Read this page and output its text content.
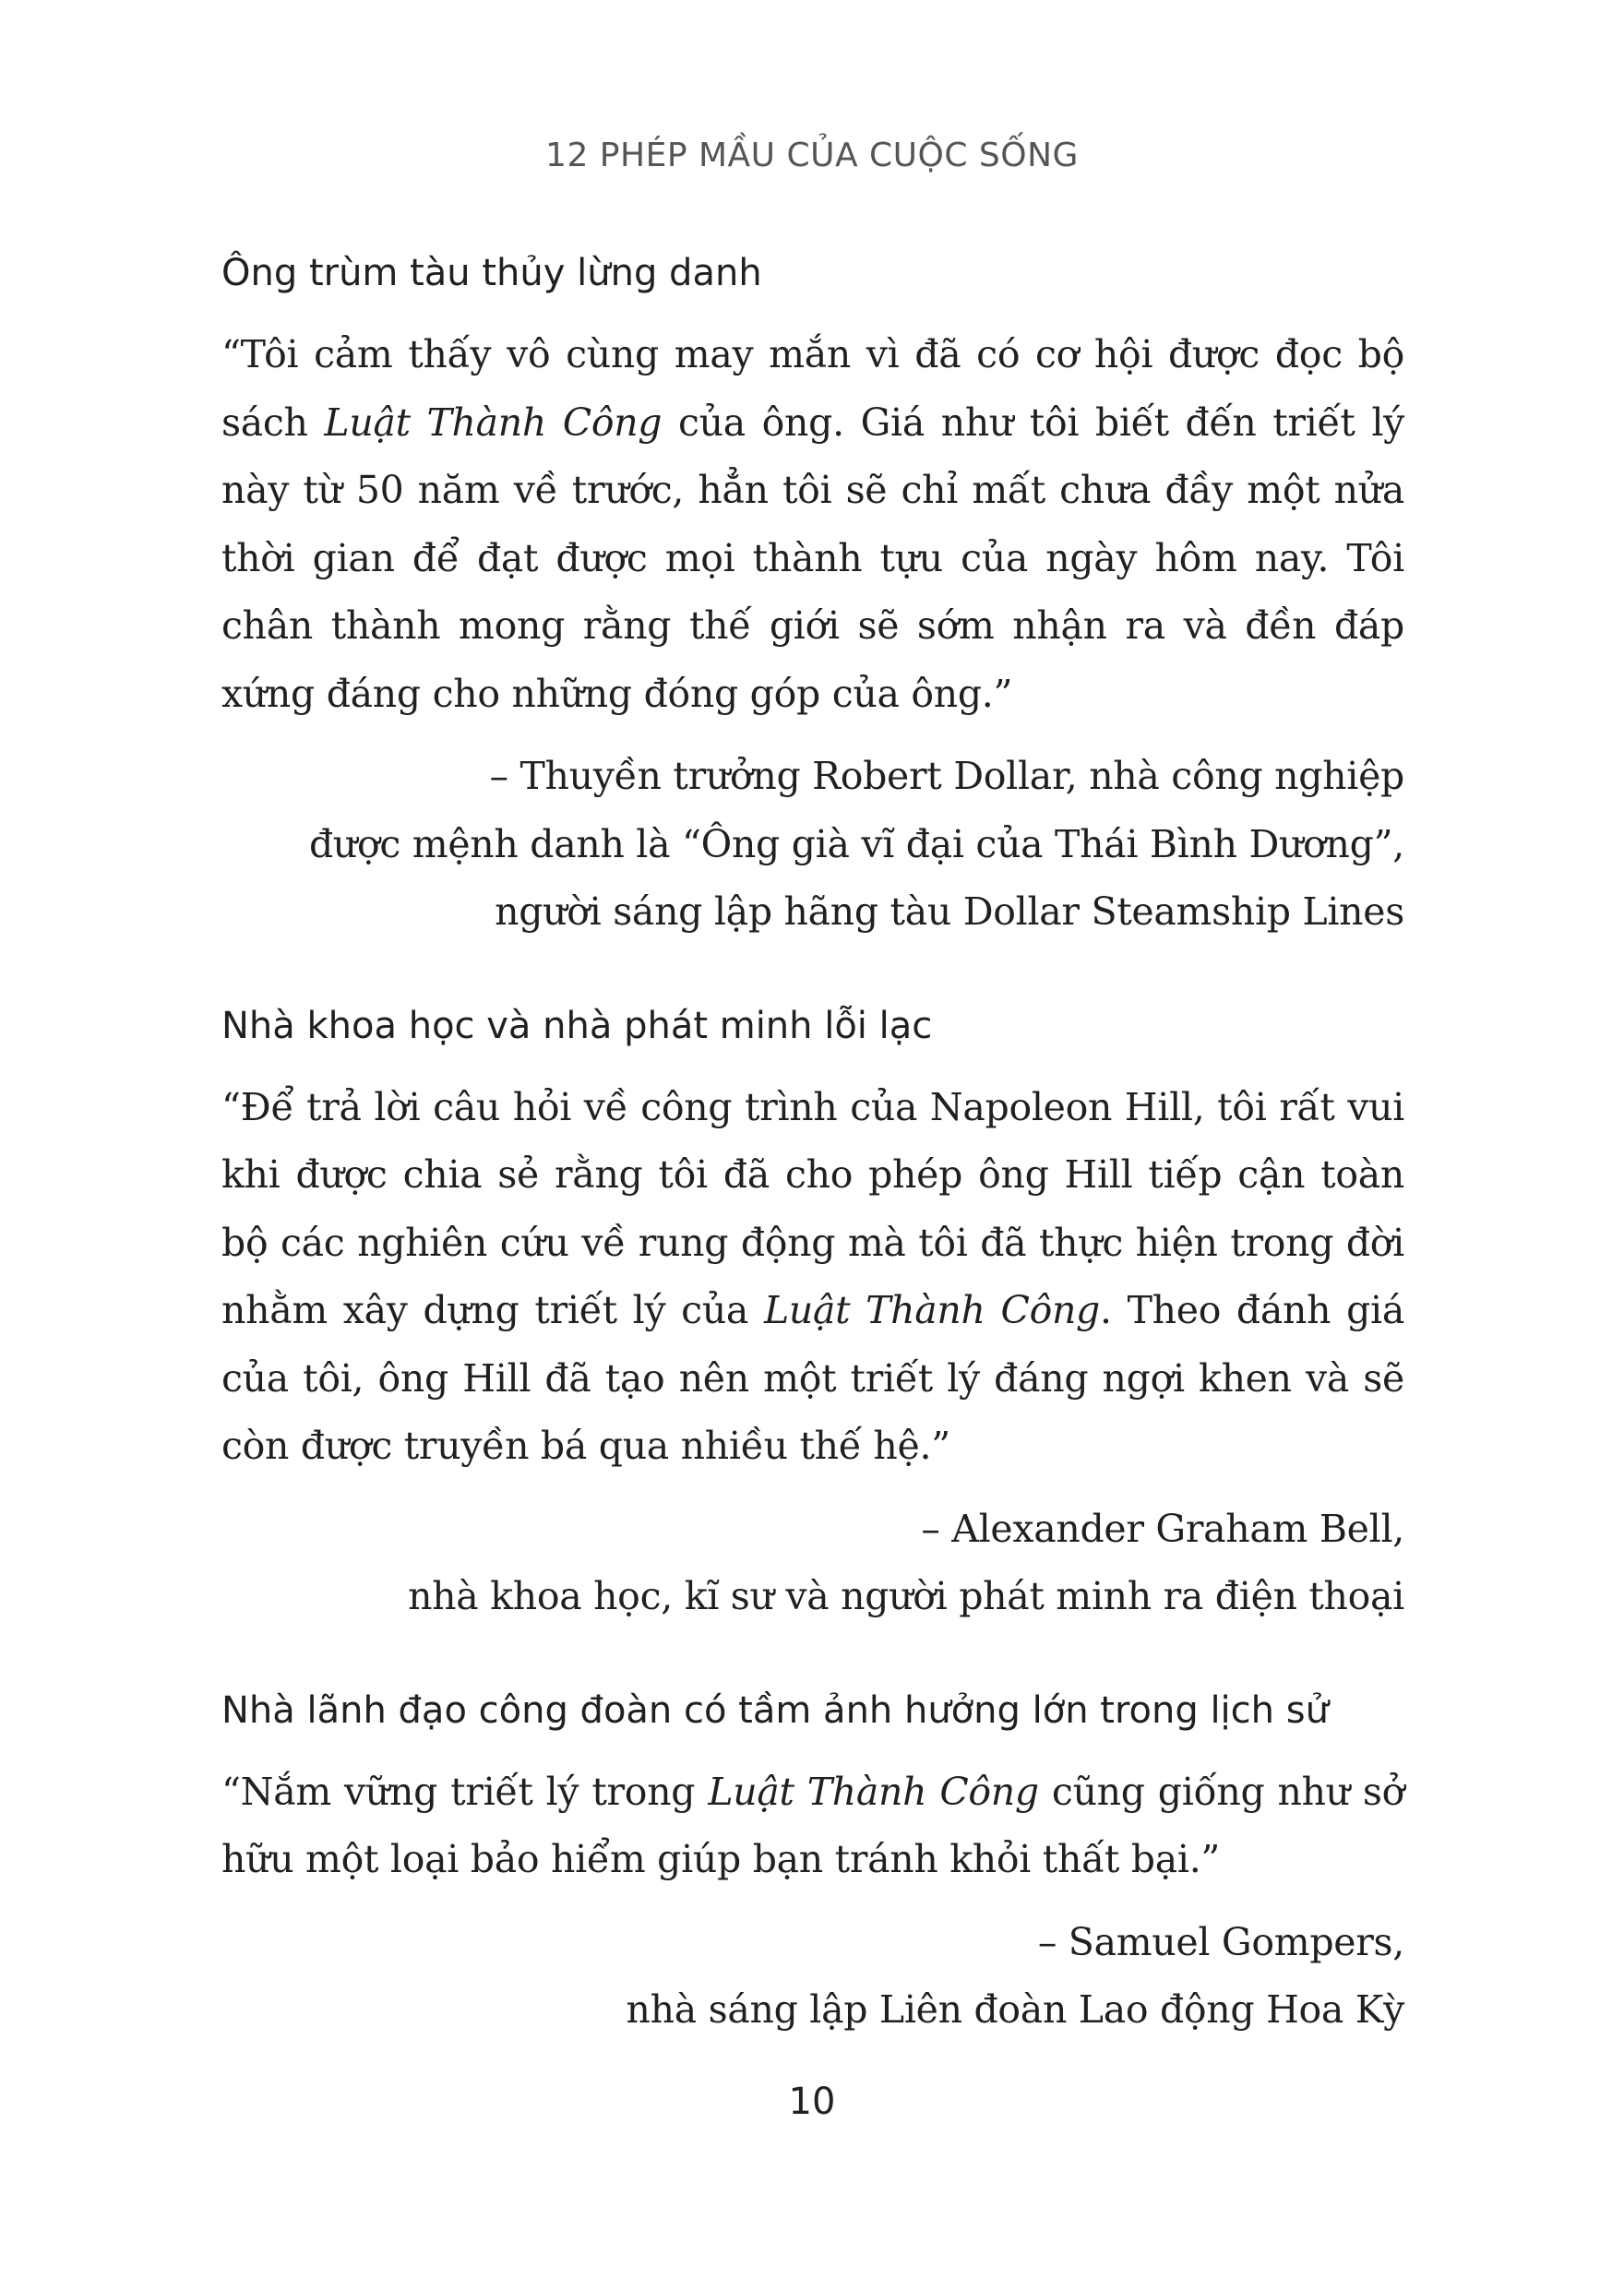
12 PHÉP MẦU CỦA CUỘC SỐNG
Ông trùm tàu thủy lừng danh

“Tôi cảm thấy vô cùng may mắn vì đã có cơ hội được đọc bộ sách Luật Thành Công của ông. Giá như tôi biết đến triết lý này từ 50 năm về trước, hẳn tôi sẽ chỉ mất chưa đầy một nửa thời gian để đạt được mọi thành tựu của ngày hôm nay. Tôi chân thành mong rằng thế giới sẽ sớm nhận ra và đền đáp xứng đáng cho những đóng góp của ông.”

– Thuyền trưởng Robert Dollar, nhà công nghiệp
được mệnh danh là “Ông già vĩ đại của Thái Bình Dương”,
người sáng lập hãng tàu Dollar Steamship Lines

Nhà khoa học và nhà phát minh lỗi lạc

“Để trả lời câu hỏi về công trình của Napoleon Hill, tôi rất vui khi được chia sẻ rằng tôi đã cho phép ông Hill tiếp cận toàn bộ các nghiên cứu về rung động mà tôi đã thực hiện trong đời nhằm xây dựng triết lý của Luật Thành Công. Theo đánh giá của tôi, ông Hill đã tạo nên một triết lý đáng ngợi khen và sẽ còn được truyền bá qua nhiều thế hệ.”

– Alexander Graham Bell,
nhà khoa học, kĩ sư và người phát minh ra điện thoại

Nhà lãnh đạo công đoàn có tầm ảnh hưởng lớn trong lịch sử

“Nắm vững triết lý trong Luật Thành Công cũng giống như sở hữu một loại bảo hiểm giúp bạn tránh khỏi thất bại.”

– Samuel Gompers,
nhà sáng lập Liên đoàn Lao động Hoa Kỳ

10
